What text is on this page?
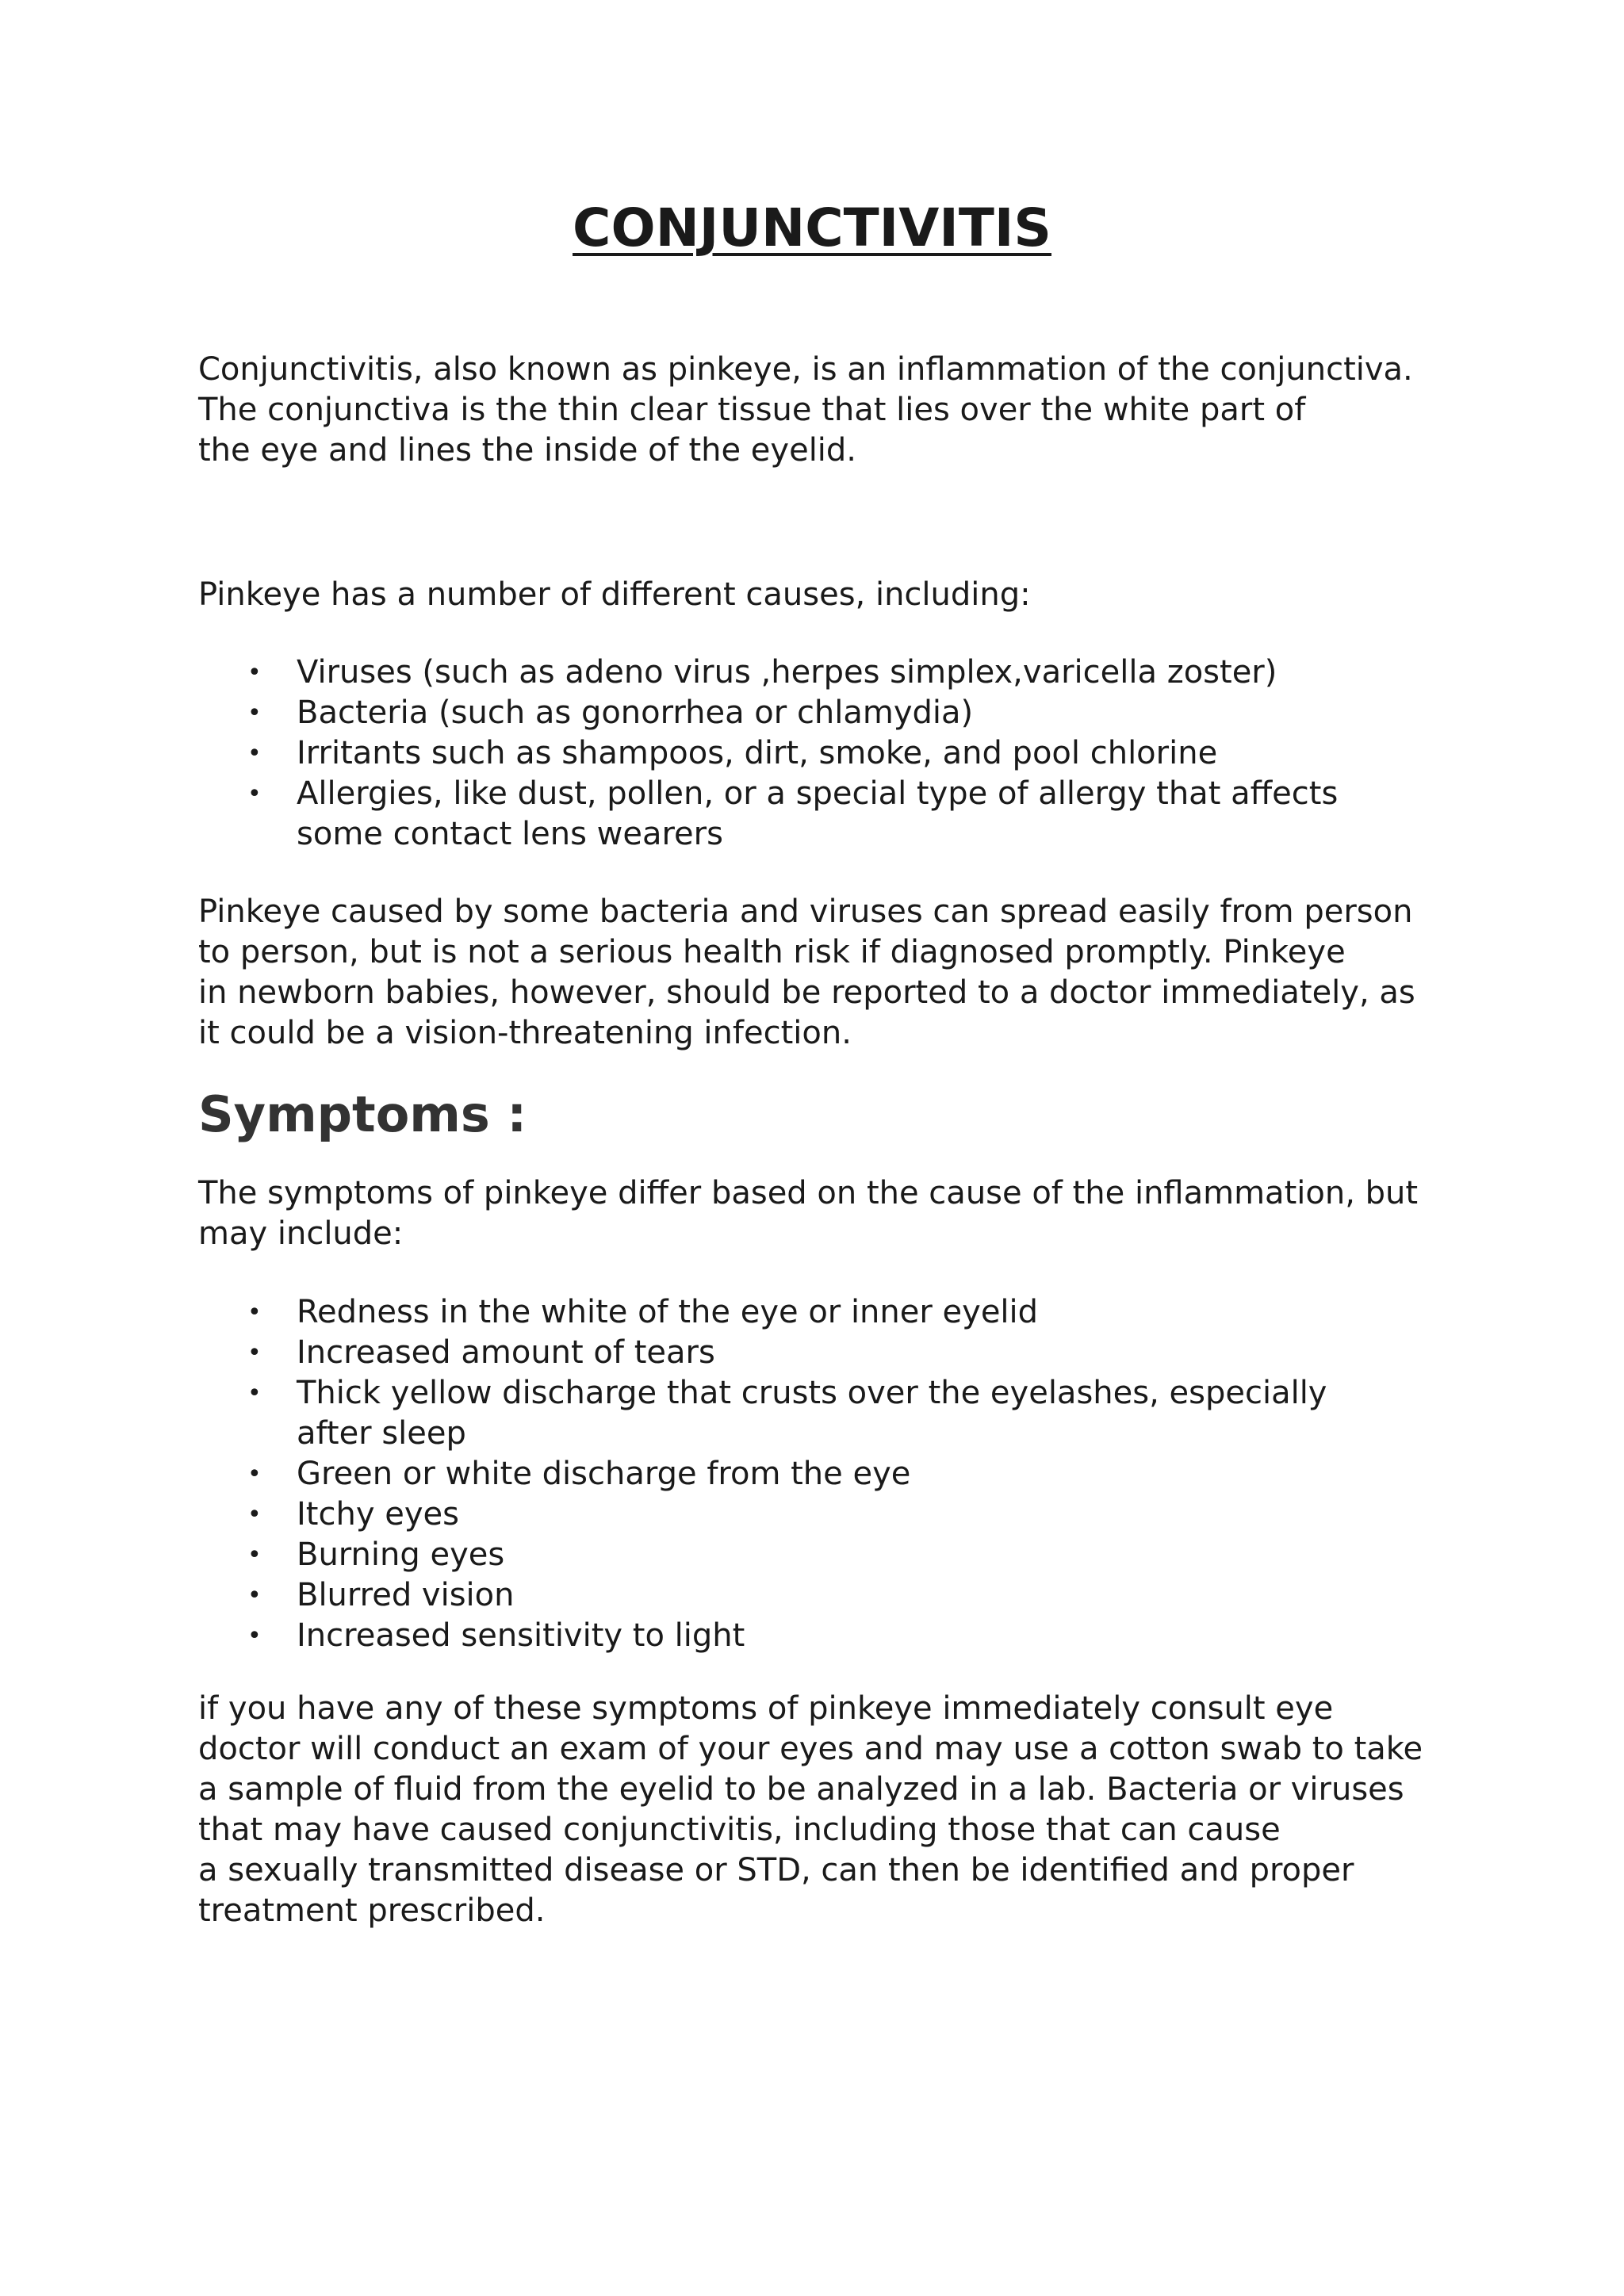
CONJUNCTIVITIS

Conjunctivitis, also known as pinkeye, is an inflammation of the conjunctiva.
The conjunctiva is the thin clear tissue that lies over the white part of
the eye and lines the inside of the eyelid.

Pinkeye has a number of different causes, including:

• Viruses (such as adeno virus ,herpes simplex,varicella zoster)
• Bacteria (such as gonorrhea or chlamydia)
• Irritants such as shampoos, dirt, smoke, and pool chlorine
• Allergies, like dust, pollen, or a special type of allergy that affects
some contact lens wearers

Pinkeye caused by some bacteria and viruses can spread easily from person
to person, but is not a serious health risk if diagnosed promptly. Pinkeye
in newborn babies, however, should be reported to a doctor immediately, as
it could be a vision-threatening infection.

Symptoms :

The symptoms of pinkeye differ based on the cause of the inflammation, but
may include:

• Redness in the white of the eye or inner eyelid
• Increased amount of tears
• Thick yellow discharge that crusts over the eyelashes, especially
after sleep
• Green or white discharge from the eye
• Itchy eyes
• Burning eyes
• Blurred vision
• Increased sensitivity to light

if you have any of these symptoms of pinkeye immediately consult eye
doctor will conduct an exam of your eyes and may use a cotton swab to take
a sample of fluid from the eyelid to be analyzed in a lab. Bacteria or viruses
that may have caused conjunctivitis, including those that can cause
a sexually transmitted disease or STD, can then be identified and proper
treatment prescribed.
